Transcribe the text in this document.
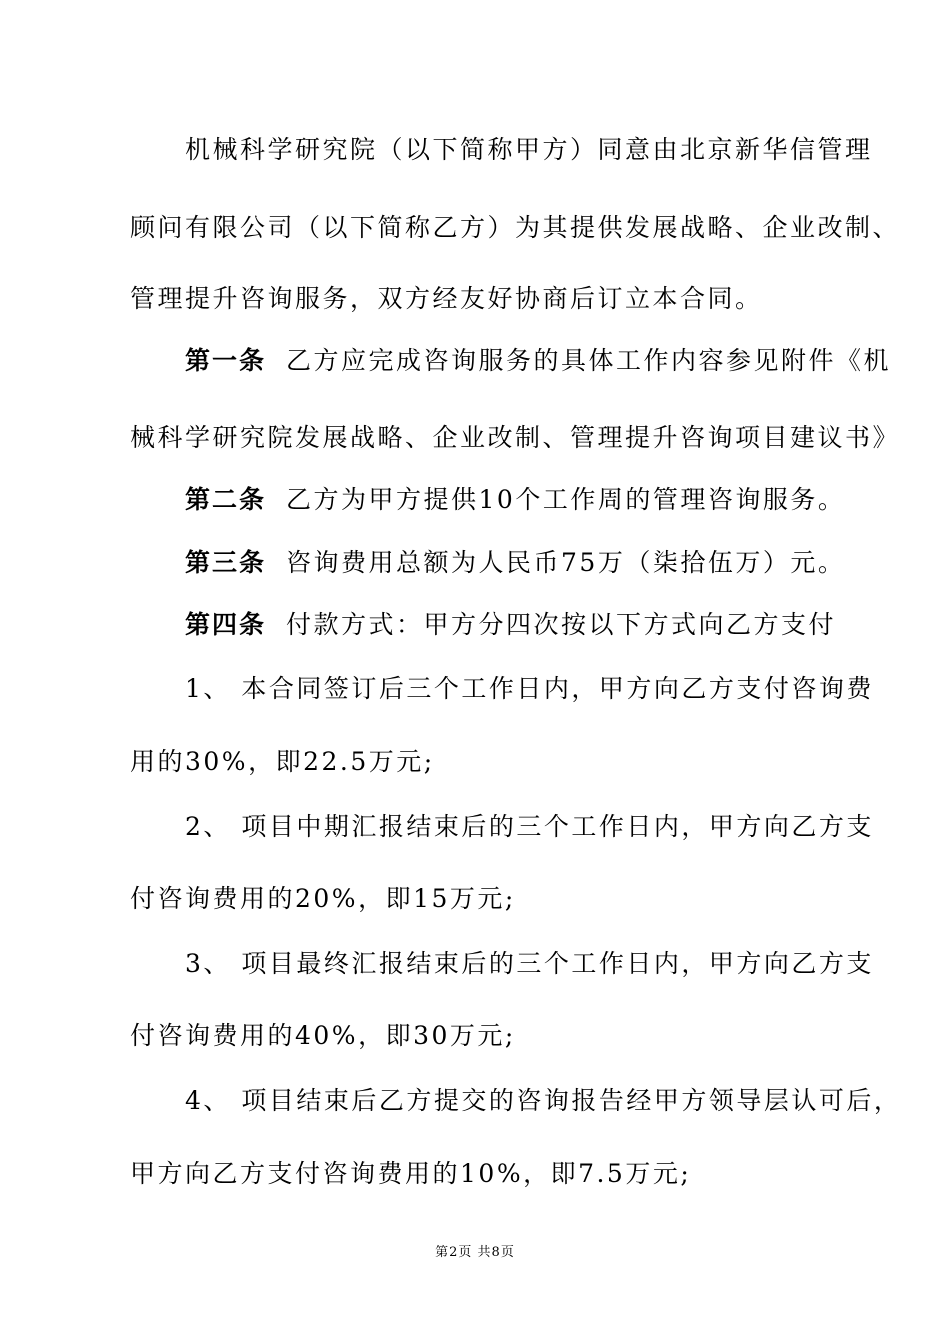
机械科学研究院（以下简称甲方）同意由北京新华信管理
顾问有限公司（以下简称乙方）为其提供发展战略、企业改制、
管理提升咨询服务，双方经友好协商后订立本合同。
第一条 乙方应完成咨询服务的具体工作内容参见附件《机
械科学研究院发展战略、企业改制、管理提升咨询项目建议书》
第二条 乙方为甲方提供10个工作周的管理咨询服务。
第三条 咨询费用总额为人民币75万（柒拾伍万）元。
第四条 付款方式：甲方分四次按以下方式向乙方支付
1、 本合同签订后三个工作日内，甲方向乙方支付咨询费
用的30%，即22.5万元;
2、 项目中期汇报结束后的三个工作日内，甲方向乙方支
付咨询费用的20%，即15万元;
3、 项目最终汇报结束后的三个工作日内，甲方向乙方支
付咨询费用的40%，即30万元;
4、 项目结束后乙方提交的咨询报告经甲方领导层认可后，
甲方向乙方支付咨询费用的10%，即7.5万元;
第2页 共8页
